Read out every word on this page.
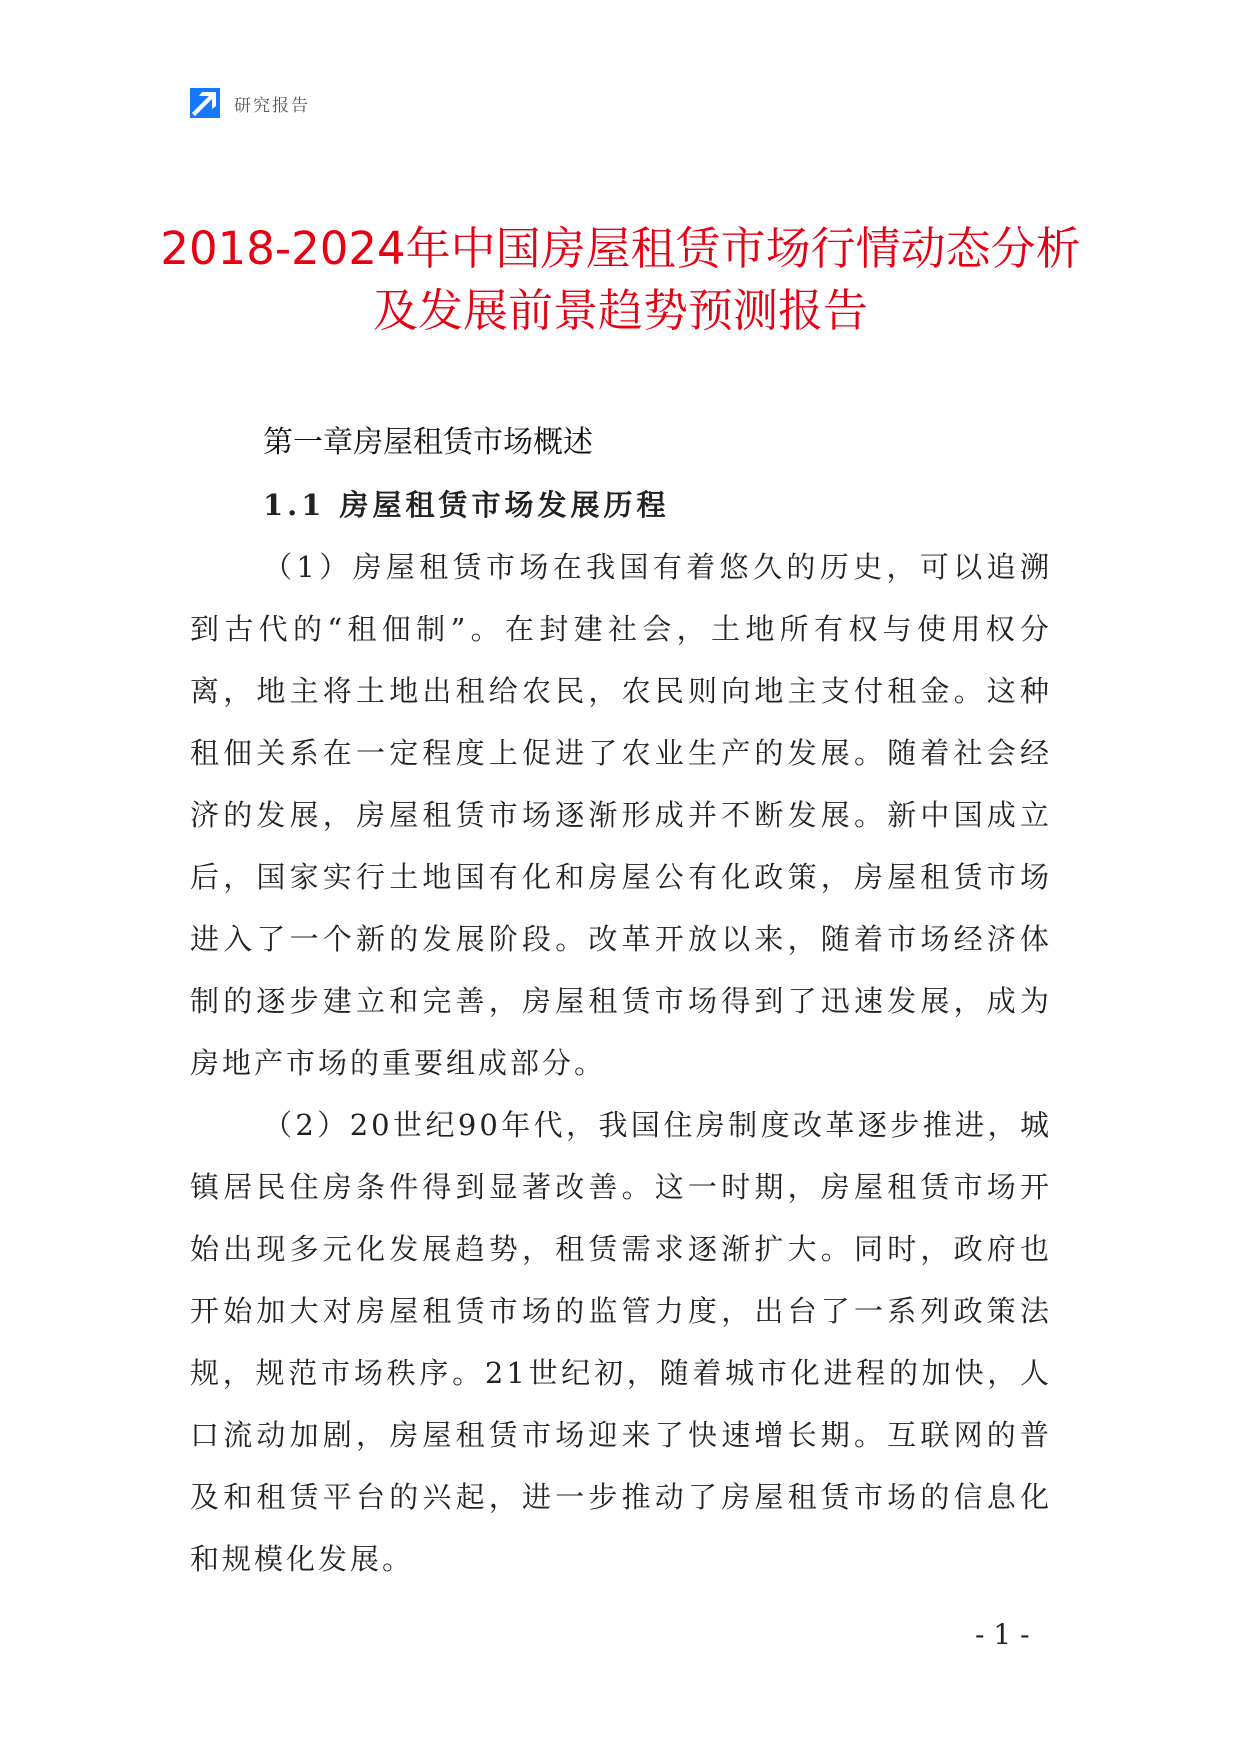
研究报告
2018-2024年中国房屋租赁市场行情动态分析及发展前景趋势预测报告
第一章房屋租赁市场概述
1.1 房屋租赁市场发展历程

（1）房屋租赁市场在我国有着悠久的历史，可以追溯到古代的“租佃制”。在封建社会，土地所有权与使用权分离，地主将土地出租给农民，农民则向地主支付租金。这种租佃关系在一定程度上促进了农业生产的发展。随着社会经济的发展，房屋租赁市场逐渐形成并不断发展。新中国成立后，国家实行土地国有化和房屋公有化政策，房屋租赁市场进入了一个新的发展阶段。改革开放以来，随着市场经济体制的逐步建立和完善，房屋租赁市场得到了迅速发展，成为房地产市场的重要组成部分。

（2）20世纪90年代，我国住房制度改革逐步推进，城镇居民住房条件得到显著改善。这一时期，房屋租赁市场开始出现多元化发展趋势，租赁需求逐渐扩大。同时，政府也开始加大对房屋租赁市场的监管力度，出台了一系列政策法规，规范市场秩序。21世纪初，随着城市化进程的加快，人口流动加剧，房屋租赁市场迎来了快速增长期。互联网的普及和租赁平台的兴起，进一步推动了房屋租赁市场的信息化和规模化发展。

- 1 -
